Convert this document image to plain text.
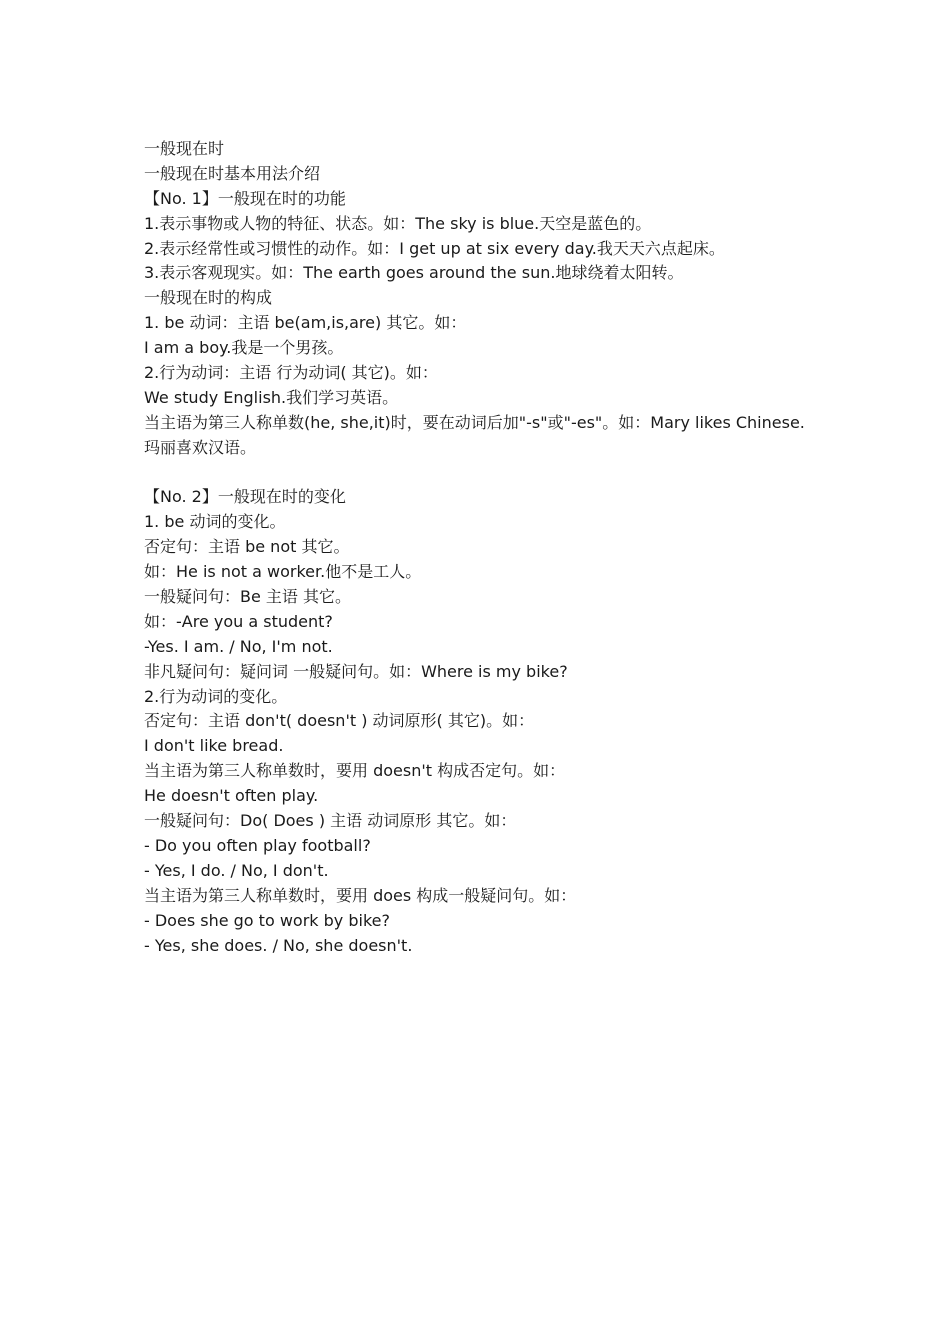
一般现在时
一般现在时基本用法介绍
【No. 1】一般现在时的功能
1.表示事物或人物的特征、状态。如：The sky is blue.天空是蓝色的。
2.表示经常性或习惯性的动作。如：I get up at six every day.我天天六点起床。
3.表示客观现实。如：The earth goes around the sun.地球绕着太阳转。
一般现在时的构成
1. be 动词：主语 be(am,is,are) 其它。如：
I am a boy.我是一个男孩。
2.行为动词：主语 行为动词( 其它)。如：
We study English.我们学习英语。
当主语为第三人称单数(he, she,it)时，要在动词后加"-s"或"-es"。如：Mary likes Chinese.
玛丽喜欢汉语。
【No. 2】一般现在时的变化
1. be 动词的变化。
否定句：主语 be not 其它。
如：He is not a worker.他不是工人。
一般疑问句：Be 主语 其它。
如：-Are you a student?
-Yes. I am. / No, I'm not.
非凡疑问句：疑问词 一般疑问句。如：Where is my bike?
2.行为动词的变化。
否定句：主语 don't( doesn't ) 动词原形( 其它)。如：
I don't like bread.
当主语为第三人称单数时，要用 doesn't 构成否定句。如：
He doesn't often play.
一般疑问句：Do( Does ) 主语 动词原形 其它。如：
- Do you often play football?
- Yes, I do. / No, I don't.
当主语为第三人称单数时，要用 does 构成一般疑问句。如：
- Does she go to work by bike?
- Yes, she does. / No, she doesn't.
